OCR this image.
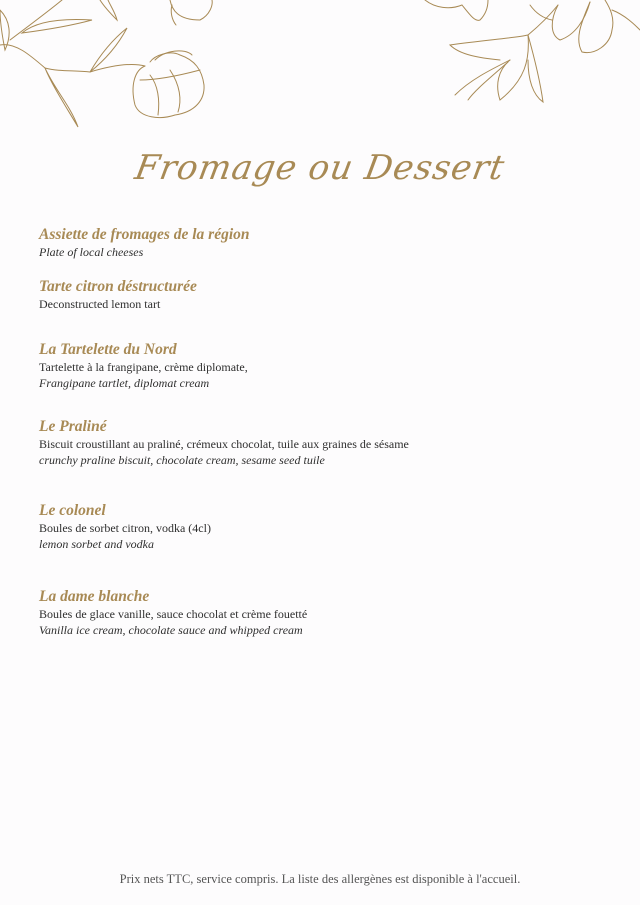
Fromage ou Dessert
Assiette de fromages de la région
Plate of local cheeses
Tarte citron déstructurée
Deconstructed lemon tart
La Tartelette du Nord
Tartelette à la frangipane, crème diplomate,
Frangipane tartlet, diplomat cream
Le Praliné
Biscuit croustillant au praliné, crémeux chocolat, tuile aux graines de sésame
crunchy praline biscuit, chocolate cream, sesame seed tuile
Le colonel
Boules de sorbet citron, vodka (4cl)
lemon sorbet and vodka
La dame blanche
Boules de glace vanille, sauce chocolat et crème fouetté
Vanilla ice cream, chocolate sauce and whipped cream
Prix nets TTC, service compris. La liste des allergènes est disponible à l'accueil.
